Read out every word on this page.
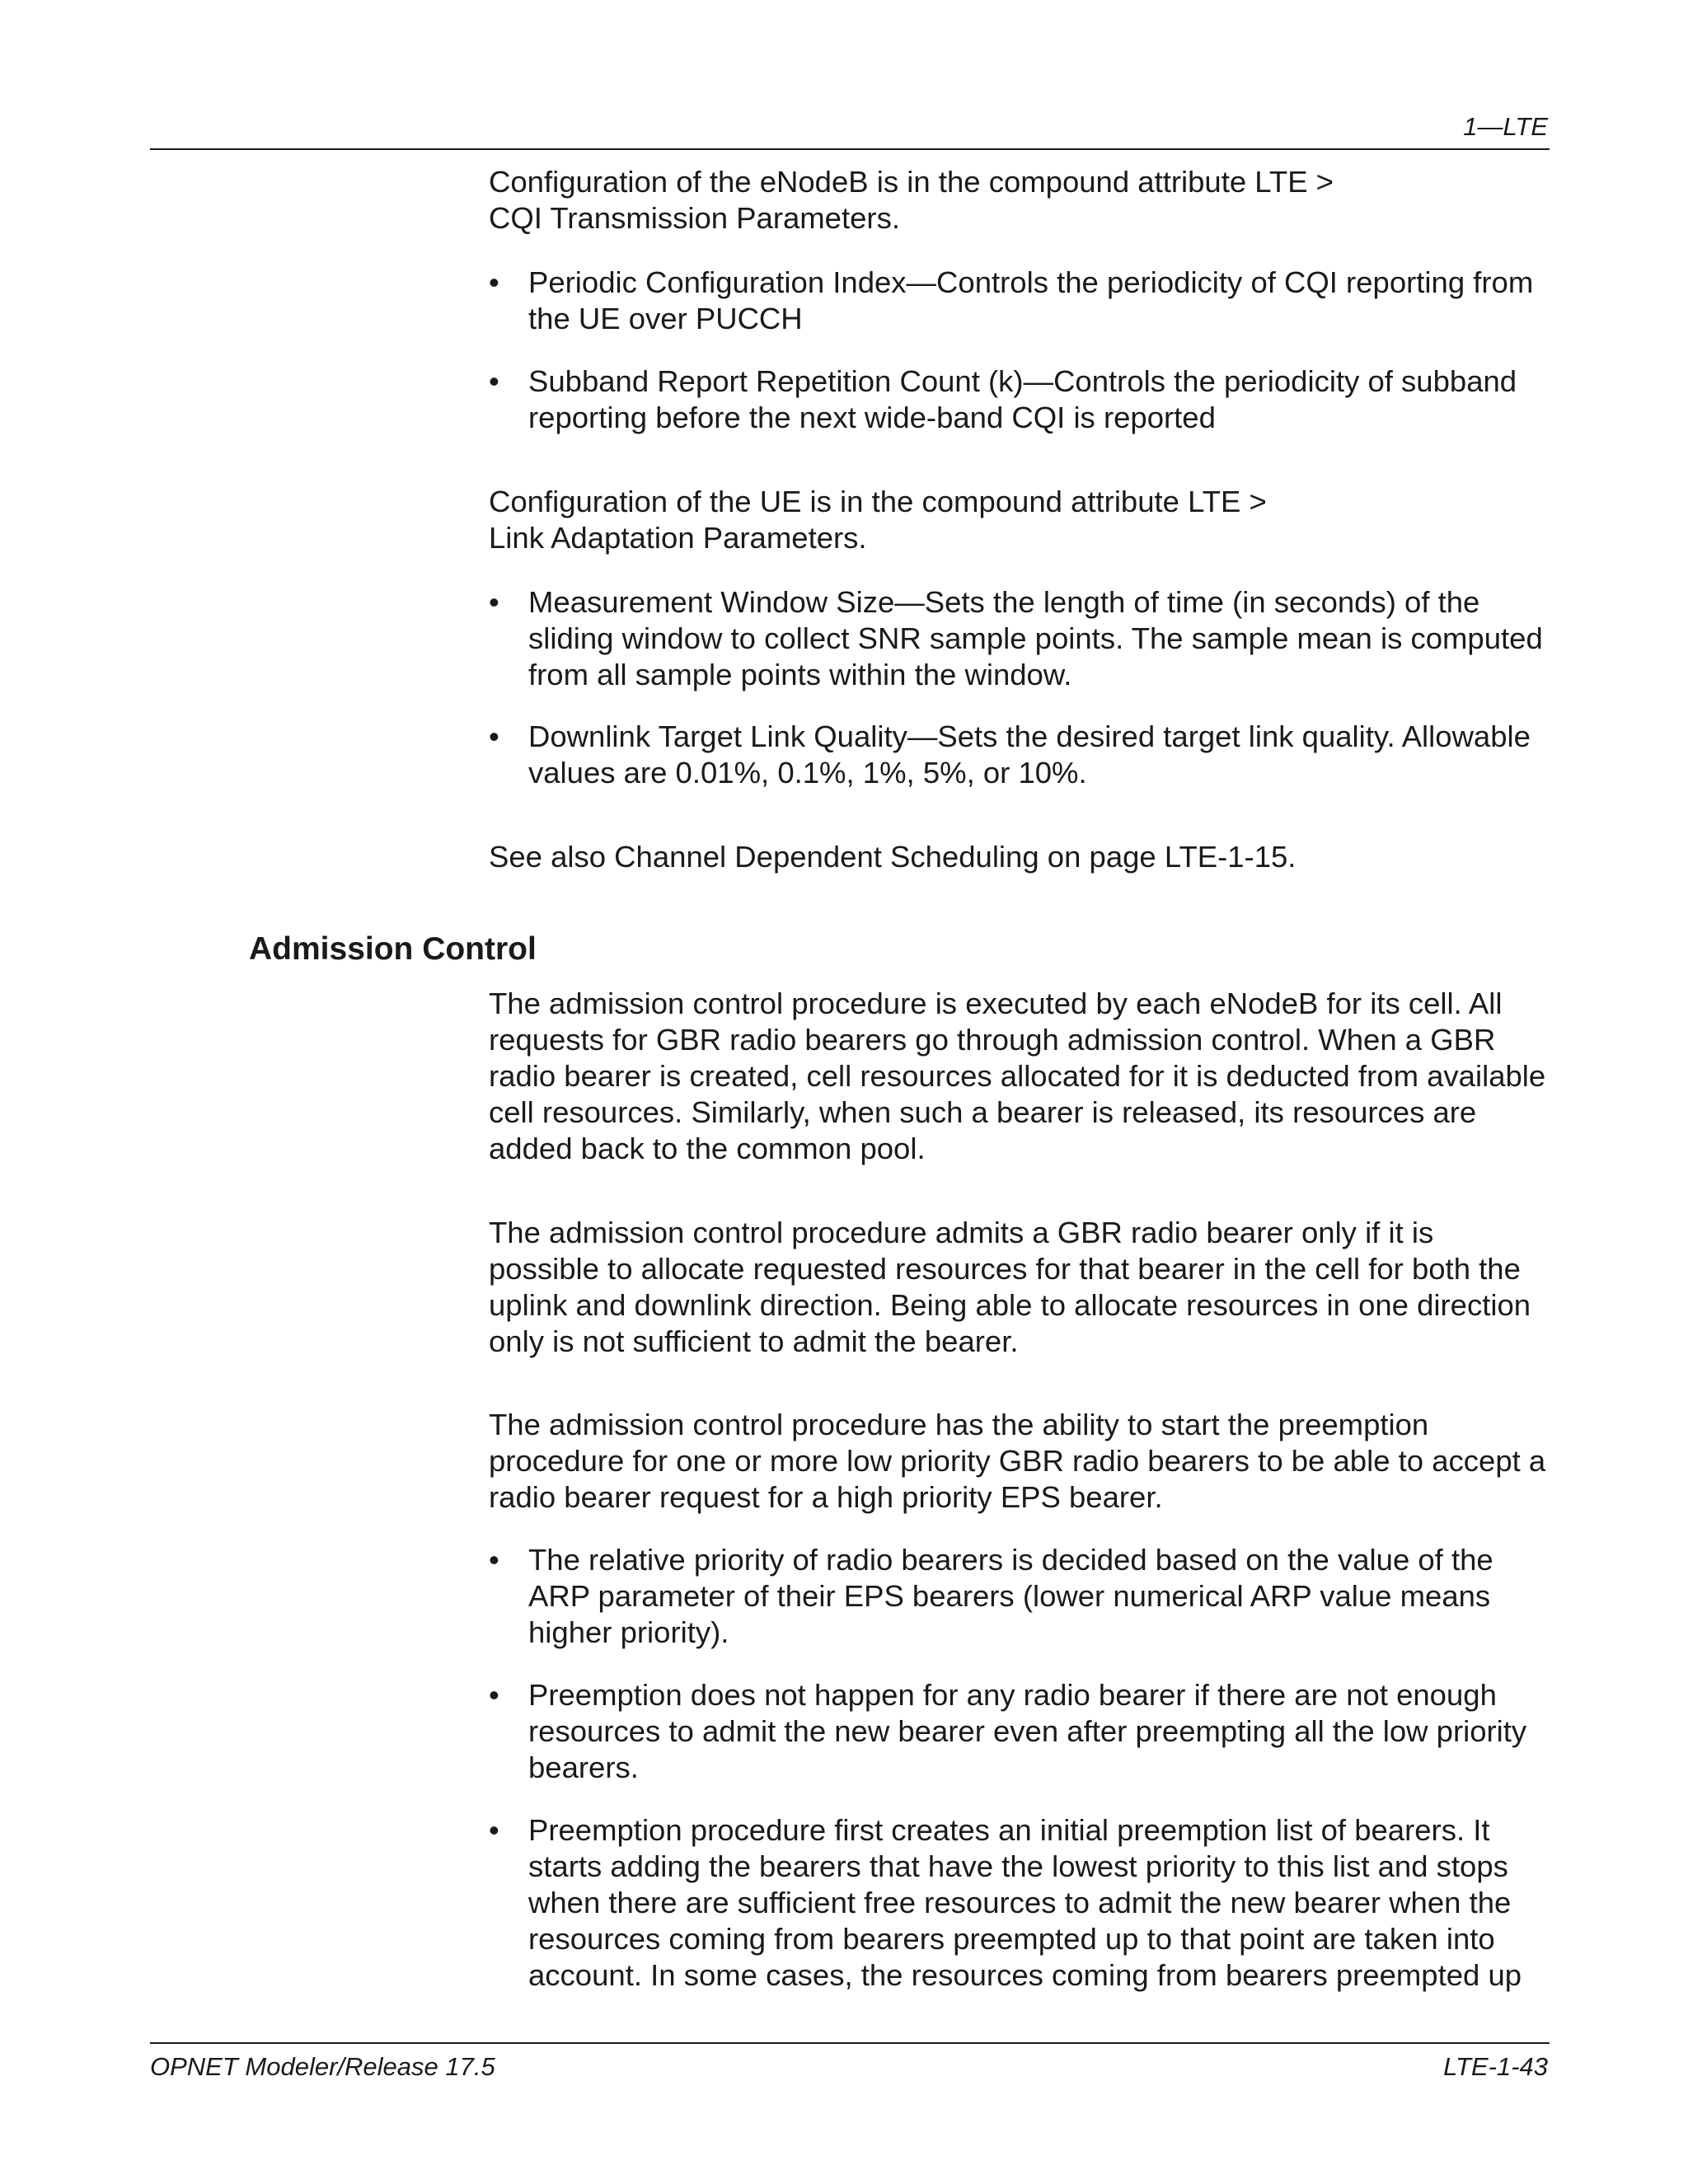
1—LTE
Configuration of the eNodeB is in the compound attribute LTE >
CQI Transmission Parameters.
• Periodic Configuration Index—Controls the periodicity of CQI reporting from the UE over PUCCH
• Subband Report Repetition Count (k)—Controls the periodicity of subband reporting before the next wide-band CQI is reported
Configuration of the UE is in the compound attribute LTE >
Link Adaptation Parameters.
• Measurement Window Size—Sets the length of time (in seconds) of the sliding window to collect SNR sample points. The sample mean is computed from all sample points within the window.
• Downlink Target Link Quality—Sets the desired target link quality. Allowable values are 0.01%, 0.1%, 1%, 5%, or 10%.
See also Channel Dependent Scheduling on page LTE-1-15.
The admission control procedure is executed by each eNodeB for its cell. All requests for GBR radio bearers go through admission control. When a GBR radio bearer is created, cell resources allocated for it is deducted from available cell resources. Similarly, when such a bearer is released, its resources are added back to the common pool.
The admission control procedure admits a GBR radio bearer only if it is possible to allocate requested resources for that bearer in the cell for both the uplink and downlink direction. Being able to allocate resources in one direction only is not sufficient to admit the bearer.
The admission control procedure has the ability to start the preemption procedure for one or more low priority GBR radio bearers to be able to accept a radio bearer request for a high priority EPS bearer.
• The relative priority of radio bearers is decided based on the value of the ARP parameter of their EPS bearers (lower numerical ARP value means higher priority).
• Preemption does not happen for any radio bearer if there are not enough resources to admit the new bearer even after preempting all the low priority bearers.
• Preemption procedure first creates an initial preemption list of bearers. It starts adding the bearers that have the lowest priority to this list and stops when there are sufficient free resources to admit the new bearer when the resources coming from bearers preempted up to that point are taken into account. In some cases, the resources coming from bearers preempted up
Admission Control
OPNET Modeler/Release 17.5	LTE-1-43
